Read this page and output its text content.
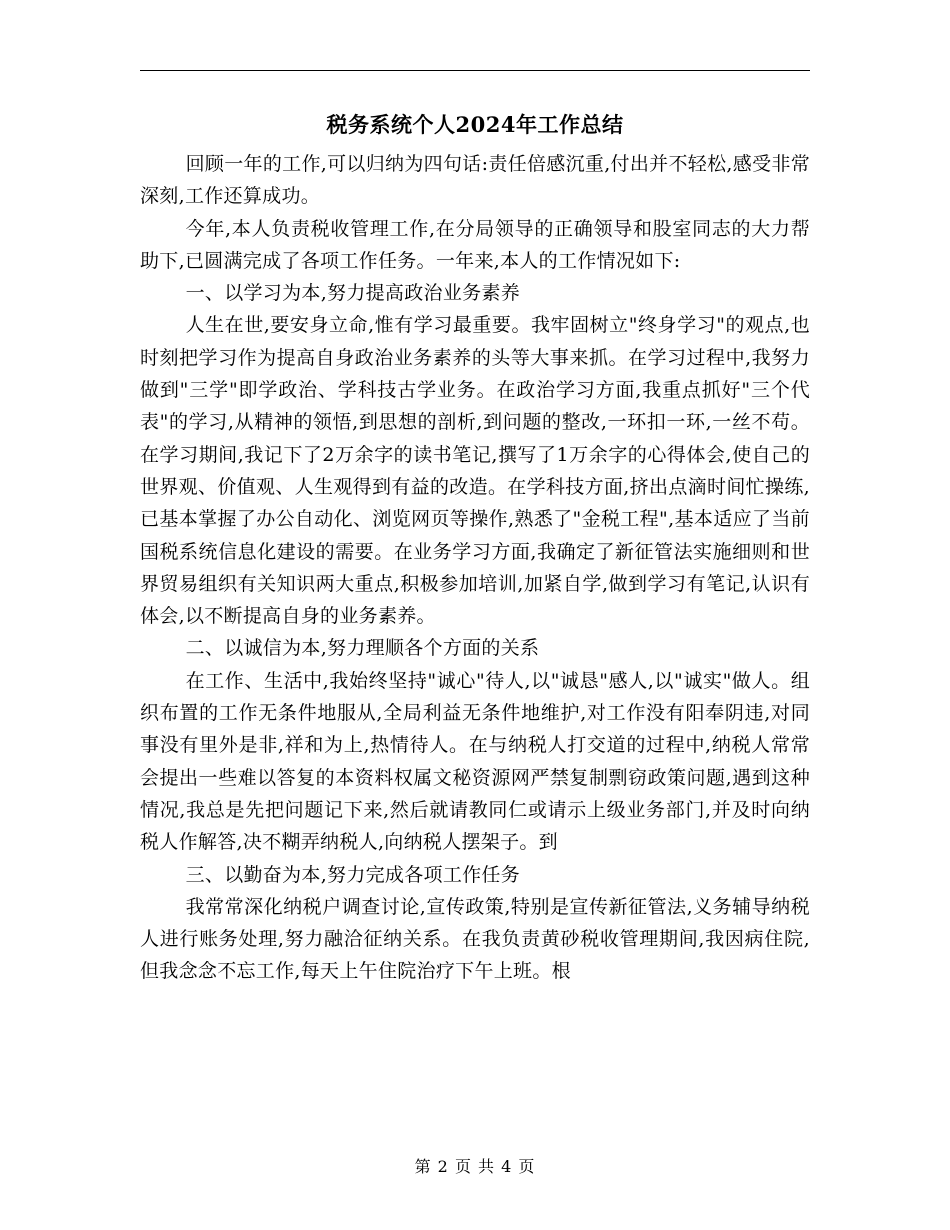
税务系统个人2024年工作总结

回顾一年的工作,可以归纳为四句话:责任倍感沉重,付出并不轻松,感受非常深刻,工作还算成功。

今年,本人负责税收管理工作,在分局领导的正确领导和股室同志的大力帮助下,已圆满完成了各项工作任务。一年来,本人的工作情况如下:

一、以学习为本,努力提高政治业务素养

人生在世,要安身立命,惟有学习最重要。我牢固树立"终身学习"的观点,也时刻把学习作为提高自身政治业务素养的头等大事来抓。在学习过程中,我努力做到"三学"即学政治、学科技古学业务。在政治学习方面,我重点抓好"三个代表"的学习,从精神的领悟,到思想的剖析,到问题的整改,一环扣一环,一丝不苟。在学习期间,我记下了2万余字的读书笔记,撰写了1万余字的心得体会,使自己的世界观、价值观、人生观得到有益的改造。在学科技方面,挤出点滴时间忙操练,已基本掌握了办公自动化、浏览网页等操作,熟悉了"金税工程",基本适应了当前国税系统信息化建设的需要。在业务学习方面,我确定了新征管法实施细则和世界贸易组织有关知识两大重点,积极参加培训,加紧自学,做到学习有笔记,认识有体会,以不断提高自身的业务素养。

二、以诚信为本,努力理顺各个方面的关系

在工作、生活中,我始终坚持"诚心"待人,以"诚恳"感人,以"诚实"做人。组织布置的工作无条件地服从,全局利益无条件地维护,对工作没有阳奉阴违,对同事没有里外是非,祥和为上,热情待人。在与纳税人打交道的过程中,纳税人常常会提出一些难以答复的本资料权属文秘资源网严禁复制剽窃政策问题,遇到这种情况,我总是先把问题记下来,然后就请教同仁或请示上级业务部门,并及时向纳税人作解答,决不糊弄纳税人,向纳税人摆架子。到

三、以勤奋为本,努力完成各项工作任务

我常常深化纳税户调查讨论,宣传政策,特别是宣传新征管法,义务辅导纳税人进行账务处理,努力融洽征纳关系。在我负责黄砂税收管理期间,我因病住院,但我念念不忘工作,每天上午住院治疗下午上班。根

第 2 页 共 4 页
